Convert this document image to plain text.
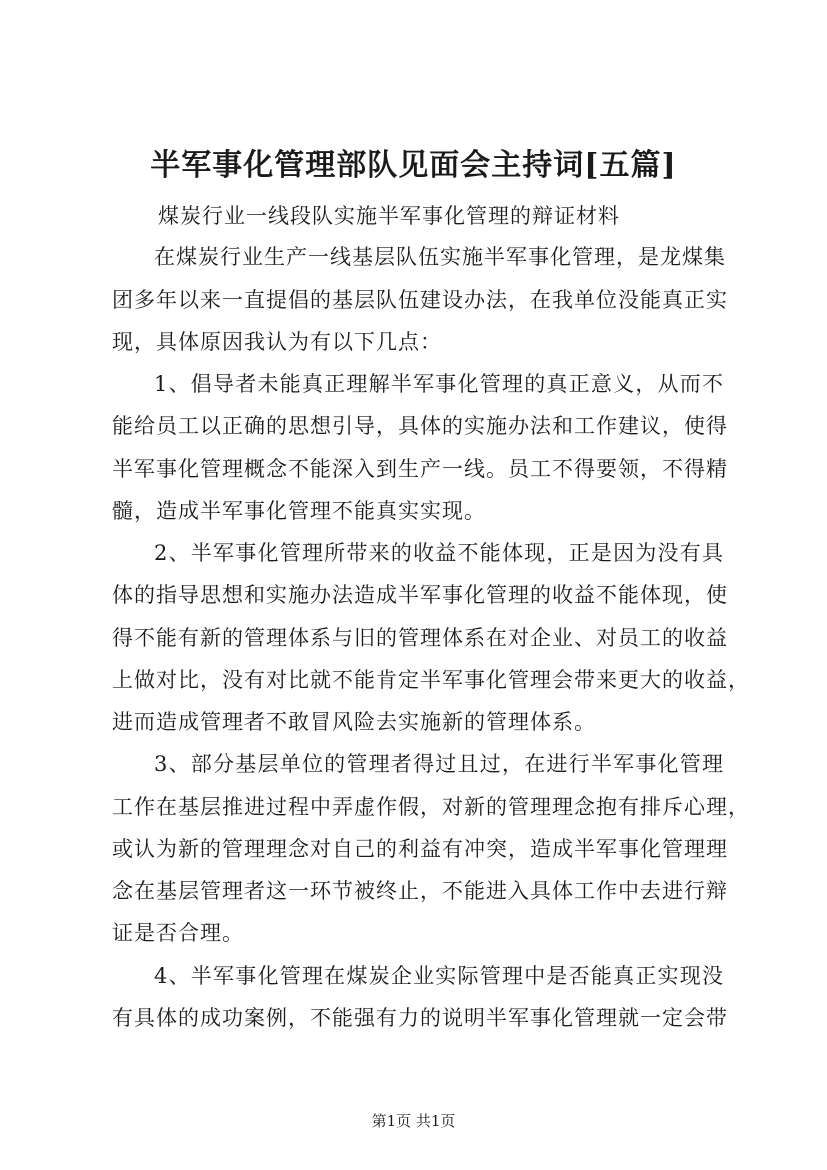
半军事化管理部队见面会主持词[五篇]
煤炭行业一线段队实施半军事化管理的辩证材料
在煤炭行业生产一线基层队伍实施半军事化管理，是龙煤集
团多年以来一直提倡的基层队伍建设办法，在我单位没能真正实
现，具体原因我认为有以下几点：
1、倡导者未能真正理解半军事化管理的真正意义，从而不
能给员工以正确的思想引导，具体的实施办法和工作建议，使得
半军事化管理概念不能深入到生产一线。员工不得要领，不得精
髓，造成半军事化管理不能真实实现。
2、半军事化管理所带来的收益不能体现，正是因为没有具
体的指导思想和实施办法造成半军事化管理的收益不能体现，使
得不能有新的管理体系与旧的管理体系在对企业、对员工的收益
上做对比，没有对比就不能肯定半军事化管理会带来更大的收益，
进而造成管理者不敢冒风险去实施新的管理体系。
3、部分基层单位的管理者得过且过，在进行半军事化管理
工作在基层推进过程中弄虚作假，对新的管理理念抱有排斥心理，
或认为新的管理理念对自己的利益有冲突，造成半军事化管理理
念在基层管理者这一环节被终止，不能进入具体工作中去进行辩
证是否合理。
4、半军事化管理在煤炭企业实际管理中是否能真正实现没
有具体的成功案例，不能强有力的说明半军事化管理就一定会带
第1页 共1页
